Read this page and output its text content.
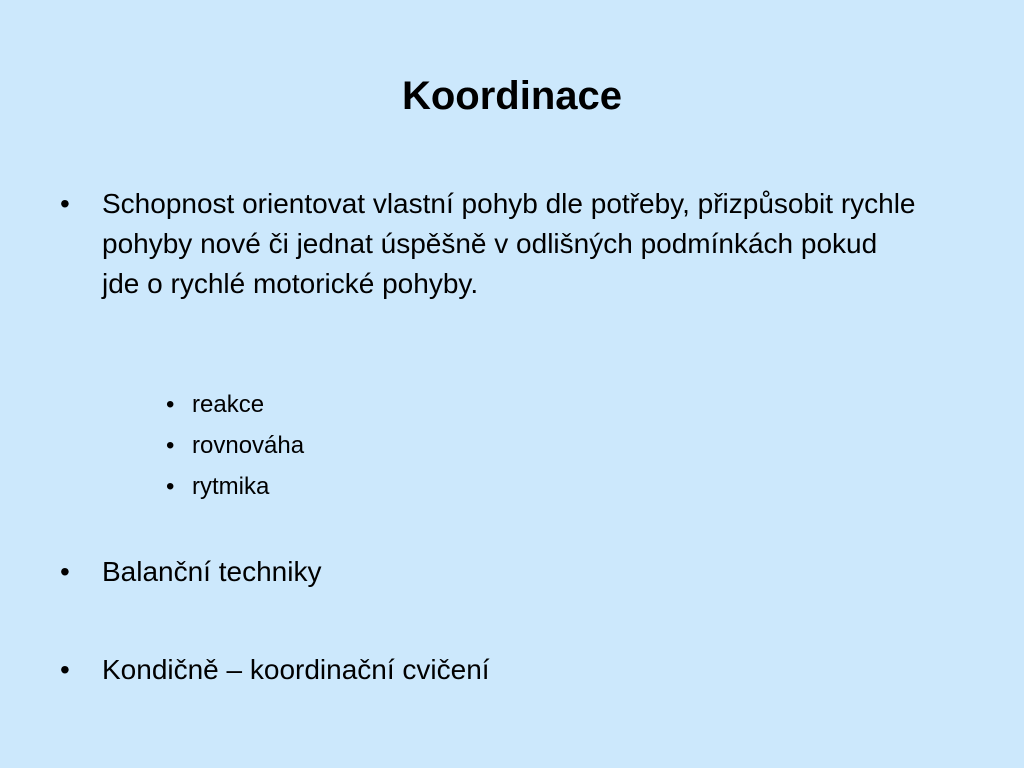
Koordinace
•	Schopnost orientovat vlastní pohyb dle potřeby, přizpůsobit rychle pohyby nové či jednat úspěšně v odlišných podmínkách pokud jde o rychlé motorické pohyby.
• reakce
• rovnováha
• rytmika
•	Balanční techniky
•	Kondičně – koordinační cvičení
